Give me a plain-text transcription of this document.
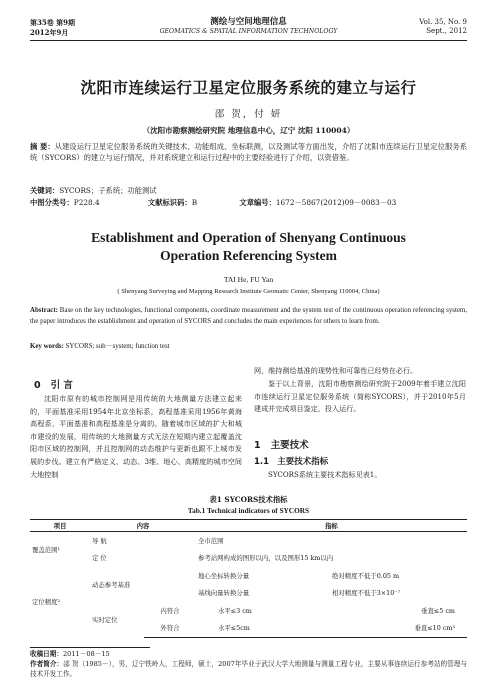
第35卷 第9期
2012年9月
测绘与空间地理信息
GEOMATICS & SPATIAL INFORMATION TECHNOLOGY
Vol. 35, No. 9
Sept., 2012
沈阳市连续运行卫星定位服务系统的建立与运行
邵 贺，付 妍
（沈阳市勘察测绘研究院 地理信息中心，辽宁 沈阳 110004）
摘 要：从建设运行卫星定位服务系统的关键技术、功能组成、坐标联测，以及测试等方面出发，介绍了沈阳市连续运行卫星定位服务系统（SYCORS）的建立与运行情况，并对系统建立和运行过程中的主要经验进行了介绍，以资借鉴。
关键词：SYCORS；子系统；功能测试
中图分类号：P228.4	文献标识码：B	文章编号：1672－5867(2012)09－0083－03
Establishment and Operation of Shenyang Continuous
Operation Referencing System
TAI He, FU Yan
( Shenyang Surveying and Mapping Research Institute Geomatic Center, Shenyang 110004, China)
Abstract: Base on the key technologies, functional components, coordinate measurement and the system test of the continuous operation referencing system, the paper introduces the establishment and operation of SYCORS and concludes the main experiences for others to learn from.
Key words: SYCORS; sub－system; function test
0 引 言
沈阳市原有的城市控制网是用传统的大地测量方法建立起来的，平面基准采用1954年北京坐标系，高程基准采用1956年黄海高程系，平面基准和高程基准是分离的。随着城市区域的扩大和城市建设的发展，用传统的大地测量方式无法在短期内建立起覆盖沈阳市区域的控制网，并且控制网的动态维护与更新也跟不上城市发展的步伐。建立有严格定义、动态、3维、地心、高精度的城市空间大地控制
网，维持测绘基准的现势性和可靠性已经势在必行。
鉴于以上背景，沈阳市勘察测绘研究院于2009年着手建立沈阳市连续运行卫星定位服务系统（简称SYCORS），并于2010年5月建成并完成项目鉴定，投入运行。
1 主要技术
1.1 主要技术指标
SYCORS系统主要技术指标见表1。
表1 SYCORS技术指标
Tab.1 Technical indicators of SYCORS
项目	内容		指标	
覆盖范围¹	导 航		全市范围	
	定 位		参考站网构成的图形以内，以及图形15 km以内	
定位精度²	动态参考基准		地心坐标转换分量	绝对精度不低于0.05 m
			基线向量转换分量	相对精度不低于3×10⁻⁷
	实时定位	内符合	水平≤3 cm	垂直≤5 cm
		外符合	水平≤5cm	垂直≤10 cm³
收稿日期：2011－08－15
作者简介：邵 贺（1985－），男，辽宁铁岭人，工程师，硕士，2007年毕业于武汉大学大地测量与测量工程专业，主要从事连续运行参考站的管理与技术开发工作。
